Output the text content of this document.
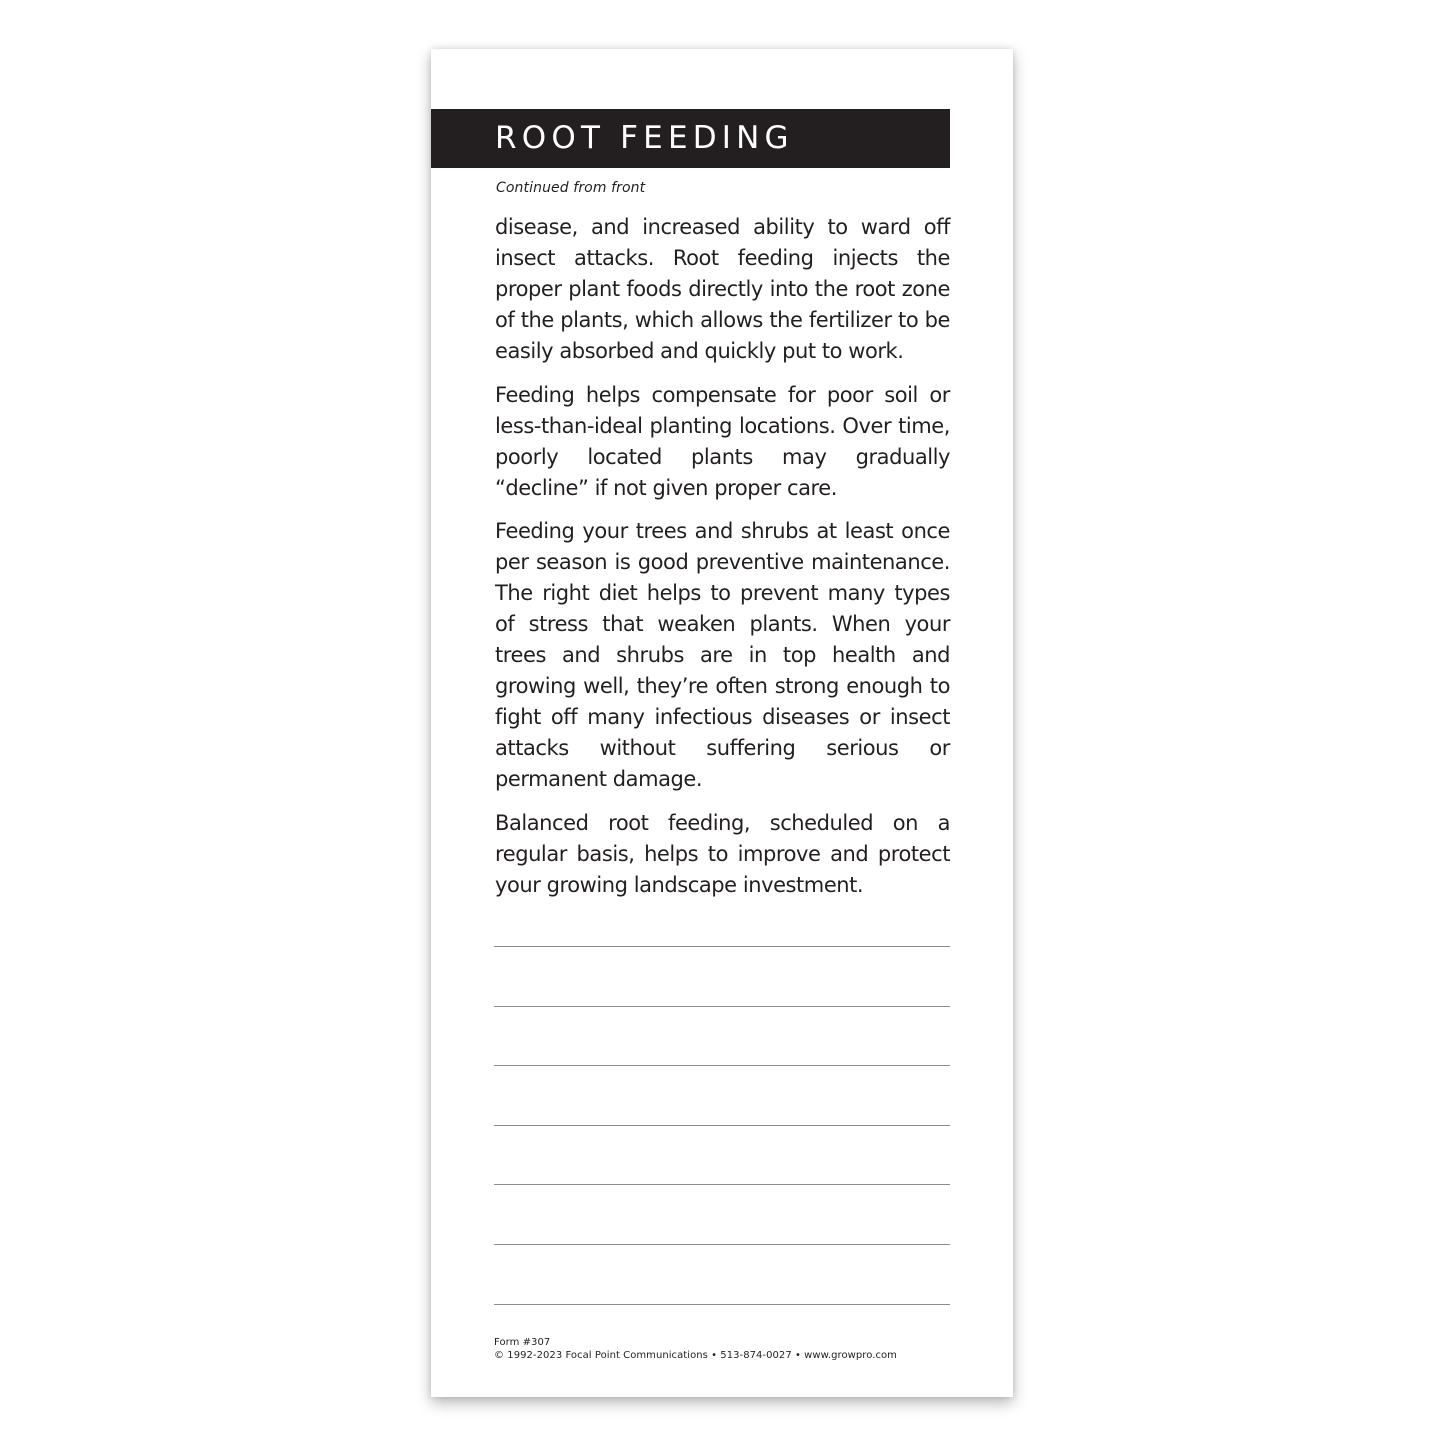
ROOT FEEDING
Continued from front

disease, and increased ability to ward off insect attacks. Root feeding injects the proper plant foods directly into the root zone of the plants, which allows the fertilizer to be easily absorbed and quickly put to work.

Feeding helps compensate for poor soil or less-than-ideal planting locations. Over time, poorly located plants may gradually “decline” if not given proper care.

Feeding your trees and shrubs at least once per season is good preventive maintenance. The right diet helps to prevent many types of stress that weaken plants. When your trees and shrubs are in top health and growing well, they’re often strong enough to fight off many infectious diseases or insect attacks without suffering serious or permanent damage.

Balanced root feeding, scheduled on a regular basis, helps to improve and protect your growing landscape investment.

Form #307
© 1992-2023 Focal Point Communications • 513-874-0027 • www.growpro.com
